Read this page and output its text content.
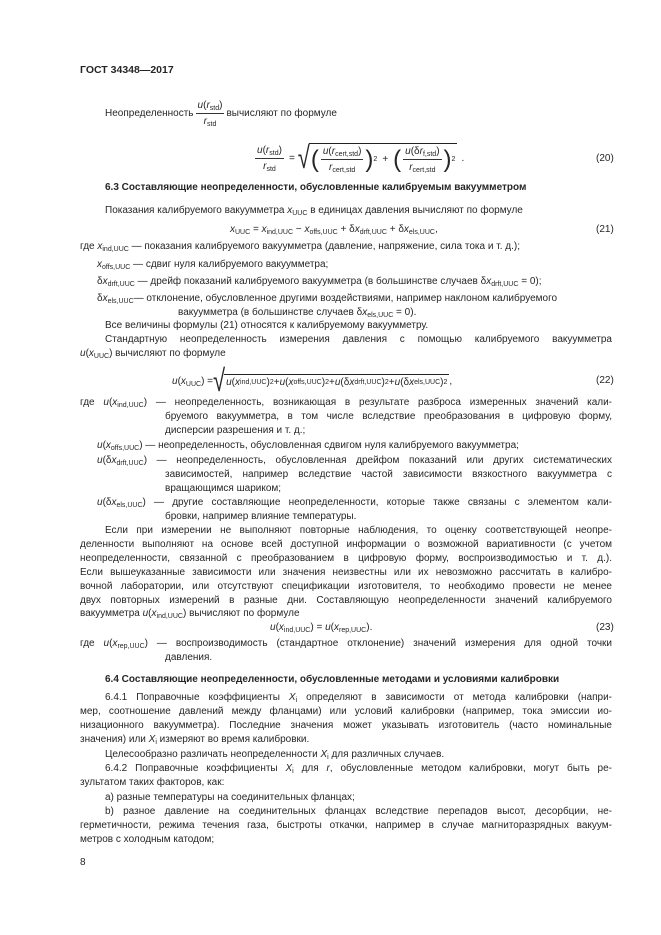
ГОСТ 34348—2017
Неопределенность $\frac{u(r_{std})}{r_{std}}$ вычисляют по формуле
$\frac{u(r_{std})}{r_{std}}$ = √ ( $\frac{u(r_{cert,std})}{r_{cert,std}}$ ) 2 + ( $\frac{u(\delta r_{f,std})}{r_{cert,std}}$ ) 2 .	(20)
6.3 Составляющие неопределенности, обусловленные калибруемым вакуумметром
Показания калибруемого вакуумметра $x_{UUC}$ в единицах давления вычисляют по формуле
$x_{UUC} = x_{ind,UUC} - x_{offs,UUC} + \delta x_{drft,UUC} + \delta x_{els,UUC}$,	(21)
где $x_{ind,UUC}$ — показания калибруемого вакуумметра (давление, напряжение, сила тока и т. д.);
$x_{offs,UUC}$ — сдвиг нуля калибруемого вакуумметра;
$\delta x_{drft,UUC}$ — дрейф показаний калибруемого вакуумметра (в большинстве случаев $\delta x_{drft,UUC} = 0$);
$\delta x_{els,UUC}—$ отклонение, обусловленное другими воздействиями, например наклоном калибруемого
вакуумметра (в большинстве случаев $\delta x_{els,UUC} = 0$).
Все величины формулы (21) относятся к калибруемому вакуумметру.
Стандартную неопределенность измерения давления с помощью калибруемого вакуумметра
$u(x_{UUC})$ вычисляют по формуле
$u(x_{UUC})$ = √ u ( x ind,UUC ) 2 + u ( x offs,UUC ) 2 + u (δ x drft,UUC ) 2 + u (δ x els,UUC ) 2 ,	(22)
где $u(x_{ind,UUC})$ — неопределенность, возникающая в результате разброса измеренных значений кали-
бруемого вакуумметра, в том числе вследствие преобразования в цифровую форму,
дисперсии разрешения и т. д.;
$u(x_{offs,UUC})$ — неопределенность, обусловленная сдвигом нуля калибруемого вакуумметра;
$u(\delta x_{drft,UUC})$ — неопределенность, обусловленная дрейфом показаний или других систематических
зависимостей, например вследствие частой зависимости вязкостного вакуумметра с
вращающимся шариком;
$u(\delta x_{els,UUC})$ — другие составляющие неопределенности, которые также связаны с элементом кали-
бровки, например влияние температуры.
Если при измерении не выполняют повторные наблюдения, то оценку соответствующей неопре-
деленности выполняют на основе всей доступной информации о возможной вариативности (с учетом
неопределенности, связанной с преобразованием в цифровую форму, воспроизводимостью и т. д.).
Если вышеуказанные зависимости или значения неизвестны или их невозможно рассчитать в калибро-
вочной лаборатории, или отсутствуют спецификации изготовителя, то необходимо провести не менее
двух повторных измерений в разные дни. Составляющую неопределенности значений калибруемого
вакуумметра $u(x_{ind,UUC})$ вычисляют по формуле
$u(x_{ind,UUC}) = u(x_{rep,UUC})$.	(23)
где $u(x_{rep,UUC})$ — воспроизводимость (стандартное отклонение) значений измерения для одной точки
давления.
6.4 Составляющие неопределенности, обусловленные методами и условиями калибровки
6.4.1 Поправочные коэффициенты $X_i$ определяют в зависимости от метода калибровки (напри-
мер, соотношение давлений между фланцами) или условий калибровки (например, тока эмиссии ио-
низационного вакуумметра). Последние значения может указывать изготовитель (часто номинальные
значения) или $X_i$ измеряют во время калибровки.
Целесообразно различать неопределенности $X_i$ для различных случаев.
6.4.2 Поправочные коэффициенты $X_i$ для r, обусловленные методом калибровки, могут быть ре-
зультатом таких факторов, как:
а) разные температуры на соединительных фланцах;
b) разное давление на соединительных фланцах вследствие перепадов высот, десорбции, не-
герметичности, режима течения газа, быстроты откачки, например в случае магниторазрядных вакуум-
метров с холодным катодом;
8
